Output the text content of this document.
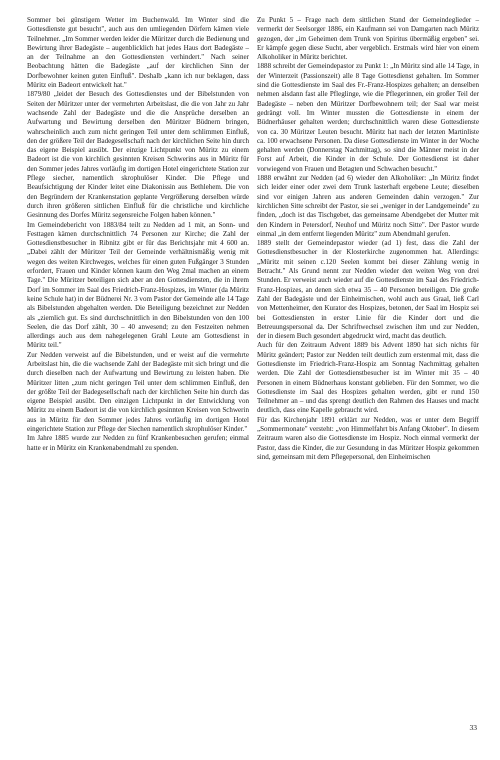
Sommer bei günstigem Wetter im Buchenwald. Im Winter sind die Gottesdienste gut besucht", auch aus den umliegenden Dörfern kämen viele Teilnehmer. „Im Sommer werden leider die Müritzer durch die Bedienung und Bewirtung ihrer Badegäste – augenblicklich hat jedes Haus dort Badegäste – an der Teilnahme an den Gottesdiensten verhindert." Nach seiner Beobachtung hätten die Badegäste „auf der kirchlichen Sinn der Dorfbewohner keinen guten Einfluß". Deshalb „kann ich nur beklagen, dass Müritz ein Badeort entwickelt hat."

1879/80 „leidet der Besuch des Gottesdienstes und der Bibelstunden von Seiten der Müritzer unter der vermehrten Arbeitslast, die die von Jahr zu Jahr wachsende Zahl der Badegäste und die die Ansprüche derselben an Aufwartung und Bewirtung derselben den Müritzer Büdnern bringen, wahrscheinlich auch zum nicht geringen Teil unter dem schlimmen Einfluß, den der größere Teil der Badegesellschaft nach der kirchlichen Seite hin durch das eigene Beispiel ausübt. Der einzige Lichtpunkt von Müritz zu einem Badeort ist die von kirchlich gesinnten Kreisen Schwerins aus in Müritz für den Sommer jedes Jahres vorläufig im dortigen Hotel eingerichtete Station zur Pflege siecher, namentlich skrophulöser Kinder. Die Pflege und Beaufsichtigung der Kinder leitet eine Diakonissin aus Bethlehem. Die von den Begründern der Krankenstation geplante Vergrößerung derselben würde durch ihren größeren sittlichen Einfluß für die christliche und kirchliche Gesinnung des Dorfes Müritz segensreiche Folgen haben können."

Im Gemeindebericht von 1883/84 teilt zu Nedden ad 1 mit, an Sonn- und Festtagen kämen durchschnittlich 74 Personen zur Kirche; die Zahl der Gottesdienstbesucher in Ribnitz gibt er für das Berichtsjahr mit 4 600 an. „Dabei zählt der Müritzer Teil der Gemeinde verhältnismäßig wenig mit wegen des weiten Kirchweges, welches für einen guten Fußgänger 3 Stunden erfordert, Frauen und Kinder können kaum den Weg 2mal machen an einem Tage." Die Müritzer beteiligen sich aber an den Gottesdiensten, die in ihrem Dorf im Sommer im Saal des Friedrich-Franz-Hospizes, im Winter (da Müritz keine Schule hat) in der Büdnerei Nr. 3 vom Pastor der Gemeinde alle 14 Tage als Bibelstunden abgehalten werden. Die Beteiligung bezeichnet zur Nedden als „ziemlich gut. Es sind durchschnittlich in den Bibelstunden von den 100 Seelen, die das Dorf zählt, 30 – 40 anwesend; zu den Festzeiten nehmen allerdings auch aus dem nahegelegenen Grahl Leute am Gottesdienst in Müritz teil."

Zur Nedden verweist auf die Bibelstunden, und er weist auf die vermehrte Arbeitslast hin, die die wachsende Zahl der Badegäste mit sich bringt und die durch dieselben nach der Aufwartung und Bewirtung zu leisten haben. Die Müritzer litten „zum nicht geringen Teil unter dem schlimmen Einfluß, den der größte Teil der Badegesellschaft nach der kirchlichen Seite hin durch das eigene Beispiel ausübt. Den einzigen Lichtpunkt in der Entwicklung von Müritz zu einem Badeort ist die von kirchlich gesinnten Kreisen von Schwerin aus in Müritz für den Sommer jedes Jahres vorläufig im dortigen Hotel eingerichtete Station zur Pflege der Siechen namentlich skrophulöser Kinder."

Im Jahre 1885 wurde zur Nedden zu fünf Krankenbesuchen gerufen; einmal hatte er in Müritz ein Krankenabendmahl zu spenden.

Zu Punkt 5 – Frage nach dem sittlichen Stand der Gemeindeglieder – vermerkt der Seelsorger 1886, ein Kaufmann sei von Damgarten nach Müritz gezogen, der „im Geheimen dem Trunk von Spiritus übermäßig ergeben" sei. Er kämpfe gegen diese Sucht, aber vergeblich. Erstmals wird hier von einem Alkoholiker in Müritz berichtet.

1888 schreibt der Gemeindepastor zu Punkt 1: „In Müritz sind alle 14 Tage, in der Winterzeit (Passionszeit) alle 8 Tage Gottesdienst gehalten. Im Sommer sind die Gottesdienste im Saal des Fr.-Franz-Hospizes gehalten; an denselben nehmen alsdann fast alle Pfleglinge, wie die Pflegerinnen, ein großer Teil der Badegäste – neben den Müritzer Dorfbewohnern teil; der Saal war meist gedrängt voll. Im Winter mussten die Gottesdienste in einem der Büdnerhäuser gehalten werden; durchschnittlich waren diese Gottesdienste von ca. 30 Müritzer Leuten besucht. Müritz hat nach der letzten Martinliste ca. 100 erwachsene Personen. Da diese Gottesdienste im Winter in der Woche gehalten werden (Donnerstag Nachmittag), so sind die Männer meist in der Forst auf Arbeit, die Kinder in der Schule. Der Gottesdienst ist daher vorwiegend von Frauen und Betagten und Schwachen besucht."

1888 erwähnt zur Nedden (ad 6) wieder den Alkoholiker: „In Müritz findet sich leider einer oder zwei dem Trunk lasterhaft ergebene Leute; dieselben sind vor einigen Jahren aus anderen Gemeinden dahin verzogen." Zur kirchlichen Sitte schreibt der Pastor, sie sei „weniger in der Landgemeinde" zu finden, „doch ist das Tischgebet, das gemeinsame Abendgebet der Mutter mit den Kindern in Petersdorf, Neuhof und Müritz noch Sitte". Der Pastor wurde einmal „in dem entfernt liegenden Müritz" zum Abendmahl gerufen.

1889 stellt der Gemeindepastor wieder (ad 1) fest, dass die Zahl der Gottesdienstbesucher in der Klosterkirche zugenommen hat. Allerdings: „Müritz mit seinen c.120 Seelen kommt bei dieser Zählung wenig in Betracht." Als Grund nennt zur Nedden wieder den weiten Weg von drei Stunden. Er verweist auch wieder auf die Gottesdienste im Saal des Friedrich-Franz-Hospizes, an denen sich etwa 35 – 40 Personen beteiligen. Die große Zahl der Badegäste und der Einheimischen, wohl auch aus Graal, ließ Carl von Mettenheimer, den Kurator des Hospizes, betonen, der Saal im Hospiz sei bei Gottesdiensten in erster Linie für die Kinder dort und die Betreuungspersonal da. Der Schriftwechsel zwischen ihm und zur Nedden, der in diesem Buch gesondert abgedruckt wird, macht das deutlich.

Auch für den Zeitraum Advent 1889 bis Advent 1890 hat sich nichts für Müritz geändert; Pastor zur Nedden teilt deutlich zum erstenmal mit, dass die Gottesdienste im Friedrich-Franz-Hospiz am Sonntag Nachmittag gehalten werden. Die Zahl der Gottesdienstbesucher ist im Winter mit 35 – 40 Personen in einem Büdnerhaus konstant geblieben. Für den Sommer, wo die Gottesdienste im Saal des Hospizes gehalten werden, gibt er rund 150 Teilnehmer an – und das sprengt deutlich den Rahmen des Hauses und macht deutlich, dass eine Kapelle gebraucht wird.

Für das Kirchenjahr 1891 erklärt zur Nedden, was er unter dem Begriff „Sommermonate" versteht: „von Himmelfahrt bis Anfang Oktober". In diesem Zeitraum waren also die Gottesdienste im Hospiz. Noch einmal vermerkt der Pastor, dass die Kinder, die zur Gesundung in das Müritzer Hospiz gekommen sind, gemeinsam mit dem Pflegepersonal, den Einheimischen

33
